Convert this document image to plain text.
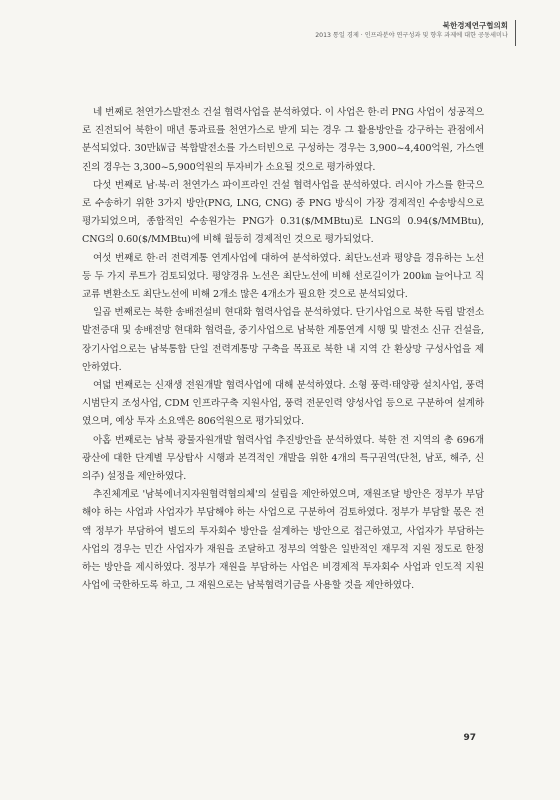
북한경제연구협의회
2013 통일 경제 · 인프라분야 연구성과 및 향후 과제에 대한 공동세미나

네 번째로 천연가스발전소 건설 협력사업을 분석하였다. 이 사업은 한·러 PNG 사업이 성공적으로 진전되어 북한이 매년 통과료를 천연가스로 받게 되는 경우 그 활용방안을 강구하는 관점에서 분석되었다. 30만㎾급 복합발전소를 가스터빈으로 구성하는 경우는 3,900~4,400억원, 가스엔진의 경우는 3,300~5,900억원의 투자비가 소요될 것으로 평가하였다.

다섯 번째로 남·북·러 천연가스 파이프라인 건설 협력사업을 분석하였다. 러시아 가스를 한국으로 수송하기 위한 3가지 방안(PNG, LNG, CNG) 중 PNG 방식이 가장 경제적인 수송방식으로 평가되었으며, 종합적인 수송원가는 PNG가 0.31($/MMBtu)로 LNG의 0.94($/MMBtu), CNG의 0.60($/MMBtu)에 비해 월등히 경제적인 것으로 평가되었다.

여섯 번째로 한·러 전력계통 연계사업에 대하여 분석하였다. 최단노선과 평양을 경유하는 노선 등 두 가지 루트가 검토되었다. 평양경유 노선은 최단노선에 비해 선로길이가 200㎞ 늘어나고 직교류 변환소도 최단노선에 비해 2개소 많은 4개소가 필요한 것으로 분석되었다.

일곱 번째로는 북한 송배전설비 현대화 협력사업을 분석하였다. 단기사업으로 북한 독립 발전소 발전증대 및 송배전망 현대화 협력을, 중기사업으로 남북한 계통연계 시행 및 발전소 신규 건설을, 장기사업으로는 남북통합 단일 전력계통망 구축을 목표로 북한 내 지역 간 환상망 구성사업을 제안하였다.

여덟 번째로는 신재생 전원개발 협력사업에 대해 분석하였다. 소형 풍력·태양광 설치사업, 풍력시범단지 조성사업, CDM 인프라구축 지원사업, 풍력 전문인력 양성사업 등으로 구분하여 설계하였으며, 예상 투자 소요액은 806억원으로 평가되었다.

아홉 번째로는 남북 광물자원개발 협력사업 추진방안을 분석하였다. 북한 전 지역의 총 696개 광산에 대한 단계별 무상탐사 시행과 본격적인 개발을 위한 4개의 특구권역(단천, 남포, 해주, 신의주) 설정을 제안하였다.

추진체계로 '남북에너지자원협력협의체'의 설립을 제안하였으며, 재원조달 방안은 정부가 부담해야 하는 사업과 사업자가 부담해야 하는 사업으로 구분하여 검토하였다. 정부가 부담할 몫은 전액 정부가 부담하여 별도의 투자회수 방안을 설계하는 방안으로 접근하였고, 사업자가 부담하는 사업의 경우는 민간 사업자가 재원을 조달하고 정부의 역할은 일반적인 재무적 지원 정도로 한정하는 방안을 제시하였다. 정부가 재원을 부담하는 사업은 비경제적 투자회수 사업과 인도적 지원사업에 국한하도록 하고, 그 재원으로는 남북협력기금을 사용할 것을 제안하였다.

97
